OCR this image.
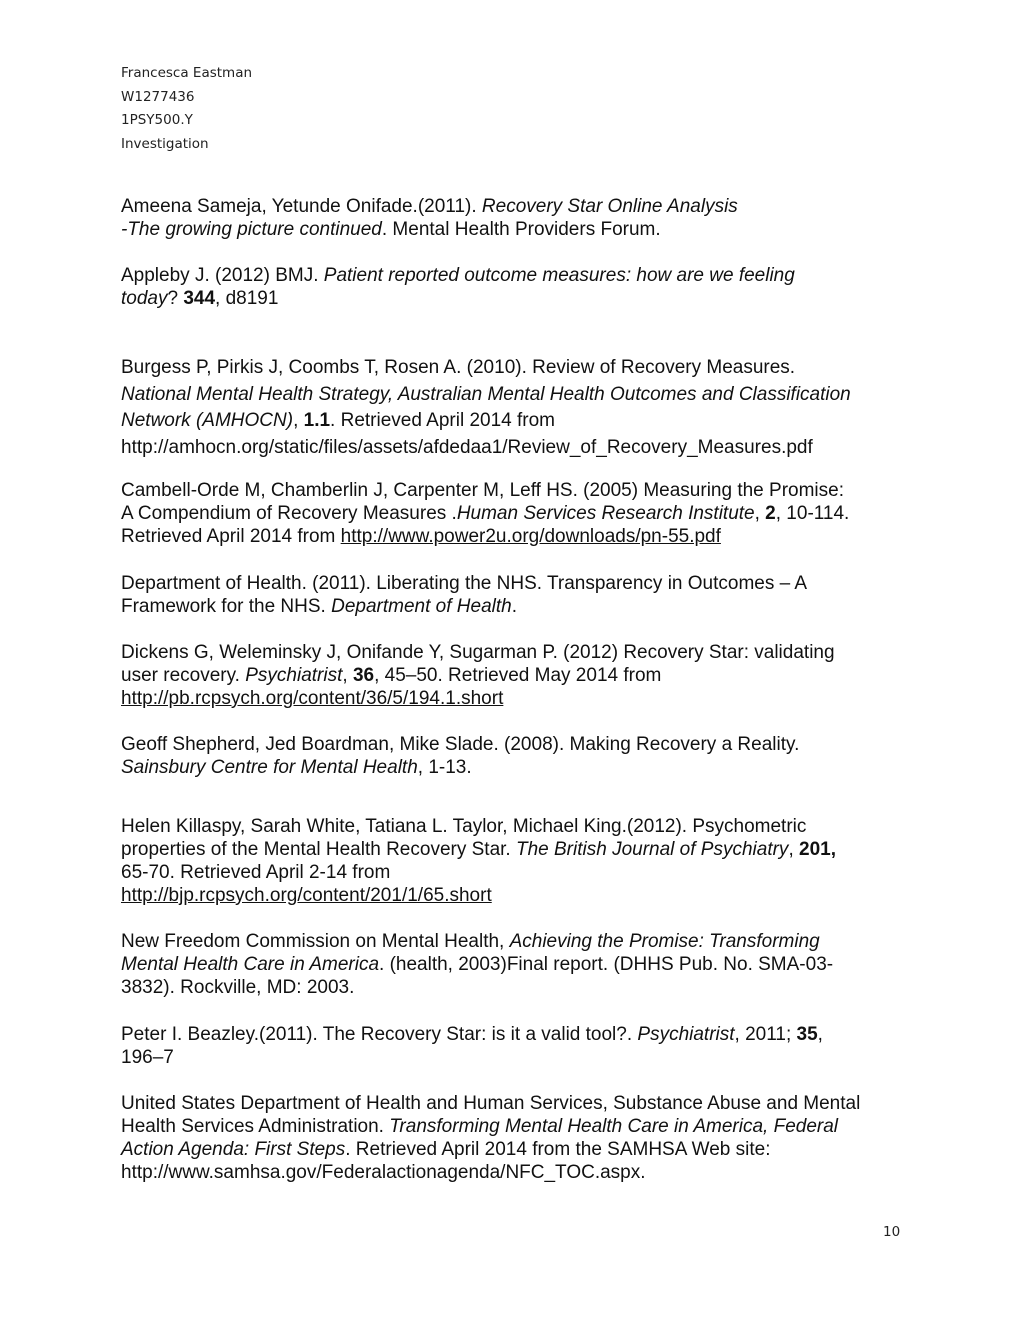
Francesca Eastman
W1277436
1PSY500.Y
Investigation
Ameena Sameja, Yetunde Onifade.(2011). Recovery Star Online Analysis
-The growing picture continued. Mental Health Providers Forum.
Appleby J. (2012) BMJ. Patient reported outcome measures: how are we feeling
today? 344, d8191
Burgess P, Pirkis J, Coombs T, Rosen A. (2010). Review of Recovery Measures.
National Mental Health Strategy, Australian Mental Health Outcomes and Classification
Network (AMHOCN), 1.1. Retrieved April 2014 from
http://amhocn.org/static/files/assets/afdedaa1/Review_of_Recovery_Measures.pdf
Cambell-Orde M, Chamberlin J, Carpenter M, Leff HS. (2005) Measuring the Promise:
A Compendium of Recovery Measures .Human Services Research Institute, 2, 10-114.
Retrieved April 2014 from http://www.power2u.org/downloads/pn-55.pdf
Department of Health. (2011). Liberating the NHS. Transparency in Outcomes – A
Framework for the NHS. Department of Health.
Dickens G, Weleminsky J, Onifande Y, Sugarman P. (2012) Recovery Star: validating
user recovery. Psychiatrist, 36, 45–50. Retrieved May 2014 from
http://pb.rcpsych.org/content/36/5/194.1.short
Geoff Shepherd, Jed Boardman, Mike Slade. (2008). Making Recovery a Reality.
Sainsbury Centre for Mental Health, 1-13.
Helen Killaspy, Sarah White, Tatiana L. Taylor, Michael King.(2012). Psychometric
properties of the Mental Health Recovery Star. The British Journal of Psychiatry, 201,
65-70. Retrieved April 2-14 from
http://bjp.rcpsych.org/content/201/1/65.short
New Freedom Commission on Mental Health, Achieving the Promise: Transforming
Mental Health Care in America. (health, 2003)Final report. (DHHS Pub. No. SMA-03-
3832). Rockville, MD: 2003.
Peter I. Beazley.(2011). The Recovery Star: is it a valid tool?. Psychiatrist, 2011; 35,
196–7
United States Department of Health and Human Services, Substance Abuse and Mental
Health Services Administration. Transforming Mental Health Care in America, Federal
Action Agenda: First Steps. Retrieved April 2014 from the SAMHSA Web site:
http://www.samhsa.gov/Federalactionagenda/NFC_TOC.aspx.
10
